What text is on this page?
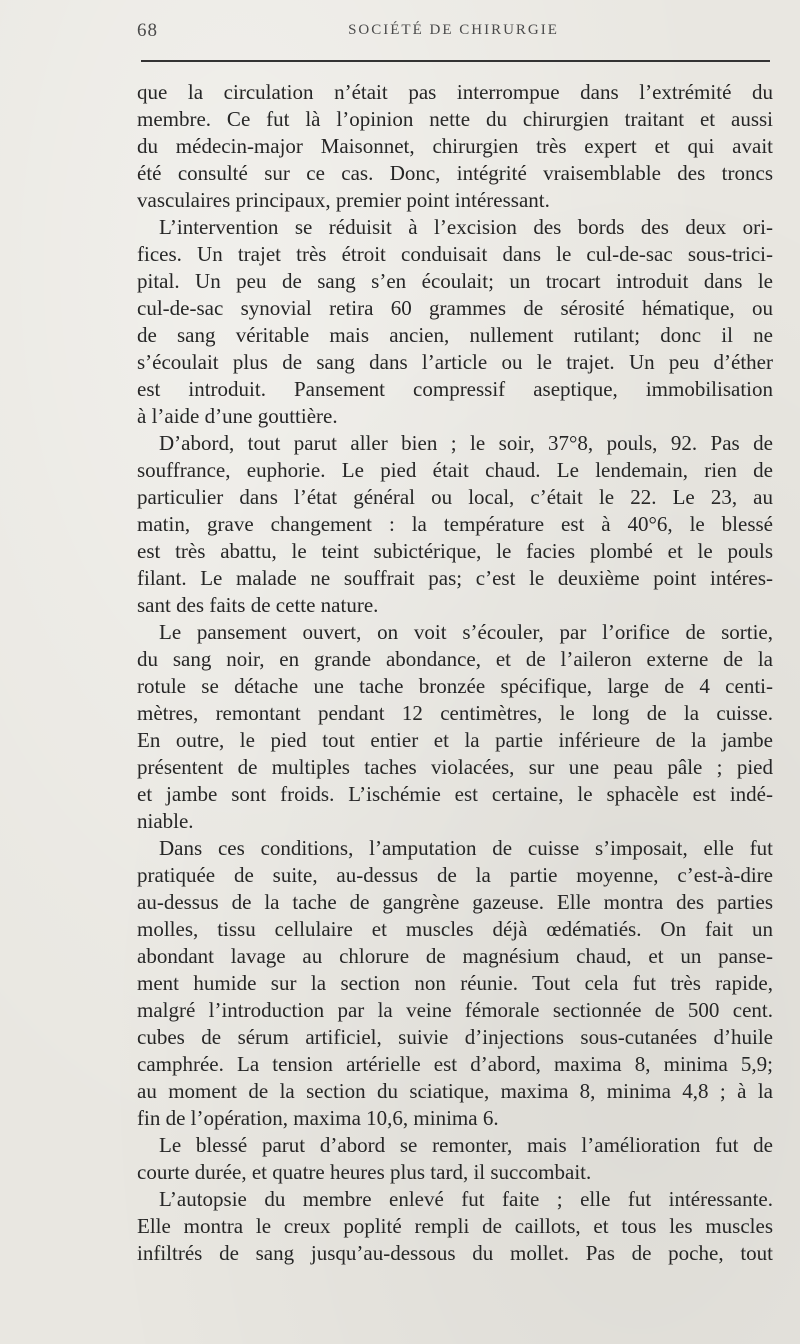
68	SOCIÉTÉ DE CHIRURGIE
que la circulation n’était pas interrompue dans l’extrémité du
membre. Ce fut là l’opinion nette du chirurgien traitant et aussi
du médecin-major Maisonnet, chirurgien très expert et qui avait
été consulté sur ce cas. Donc, intégrité vraisemblable des troncs
vasculaires principaux, premier point intéressant.
L’intervention se réduisit à l’excision des bords des deux ori-
fices. Un trajet très étroit conduisait dans le cul-de-sac sous-trici-
pital. Un peu de sang s’en écoulait; un trocart introduit dans le
cul-de-sac synovial retira 60 grammes de sérosité hématique, ou
de sang véritable mais ancien, nullement rutilant; donc il ne
s’écoulait plus de sang dans l’article ou le trajet. Un peu d’éther
est introduit. Pansement compressif aseptique, immobilisation
à l’aide d’une gouttière.
D’abord, tout parut aller bien ; le soir, 37°8, pouls, 92. Pas de
souffrance, euphorie. Le pied était chaud. Le lendemain, rien de
particulier dans l’état général ou local, c’était le 22. Le 23, au
matin, grave changement : la température est à 40°6, le blessé
est très abattu, le teint subictérique, le facies plombé et le pouls
filant. Le malade ne souffrait pas; c’est le deuxième point intéres-
sant des faits de cette nature.
Le pansement ouvert, on voit s’écouler, par l’orifice de sortie,
du sang noir, en grande abondance, et de l’aileron externe de la
rotule se détache une tache bronzée spécifique, large de 4 centi-
mètres, remontant pendant 12 centimètres, le long de la cuisse.
En outre, le pied tout entier et la partie inférieure de la jambe
présentent de multiples taches violacées, sur une peau pâle ; pied
et jambe sont froids. L’ischémie est certaine, le sphacèle est indé-
niable.
Dans ces conditions, l’amputation de cuisse s’imposait, elle fut
pratiquée de suite, au-dessus de la partie moyenne, c’est-à-dire
au-dessus de la tache de gangrène gazeuse. Elle montra des parties
molles, tissu cellulaire et muscles déjà œdématiés. On fait un
abondant lavage au chlorure de magnésium chaud, et un panse-
ment humide sur la section non réunie. Tout cela fut très rapide,
malgré l’introduction par la veine fémorale sectionnée de 500 cent.
cubes de sérum artificiel, suivie d’injections sous-cutanées d’huile
camphrée. La tension artérielle est d’abord, maxima 8, minima 5,9;
au moment de la section du sciatique, maxima 8, minima 4,8 ; à la
fin de l’opération, maxima 10,6, minima 6.
Le blessé parut d’abord se remonter, mais l’amélioration fut de
courte durée, et quatre heures plus tard, il succombait.
L’autopsie du membre enlevé fut faite ; elle fut intéressante.
Elle montra le creux poplité rempli de caillots, et tous les muscles
infiltrés de sang jusqu’au-dessous du mollet. Pas de poche, tout
